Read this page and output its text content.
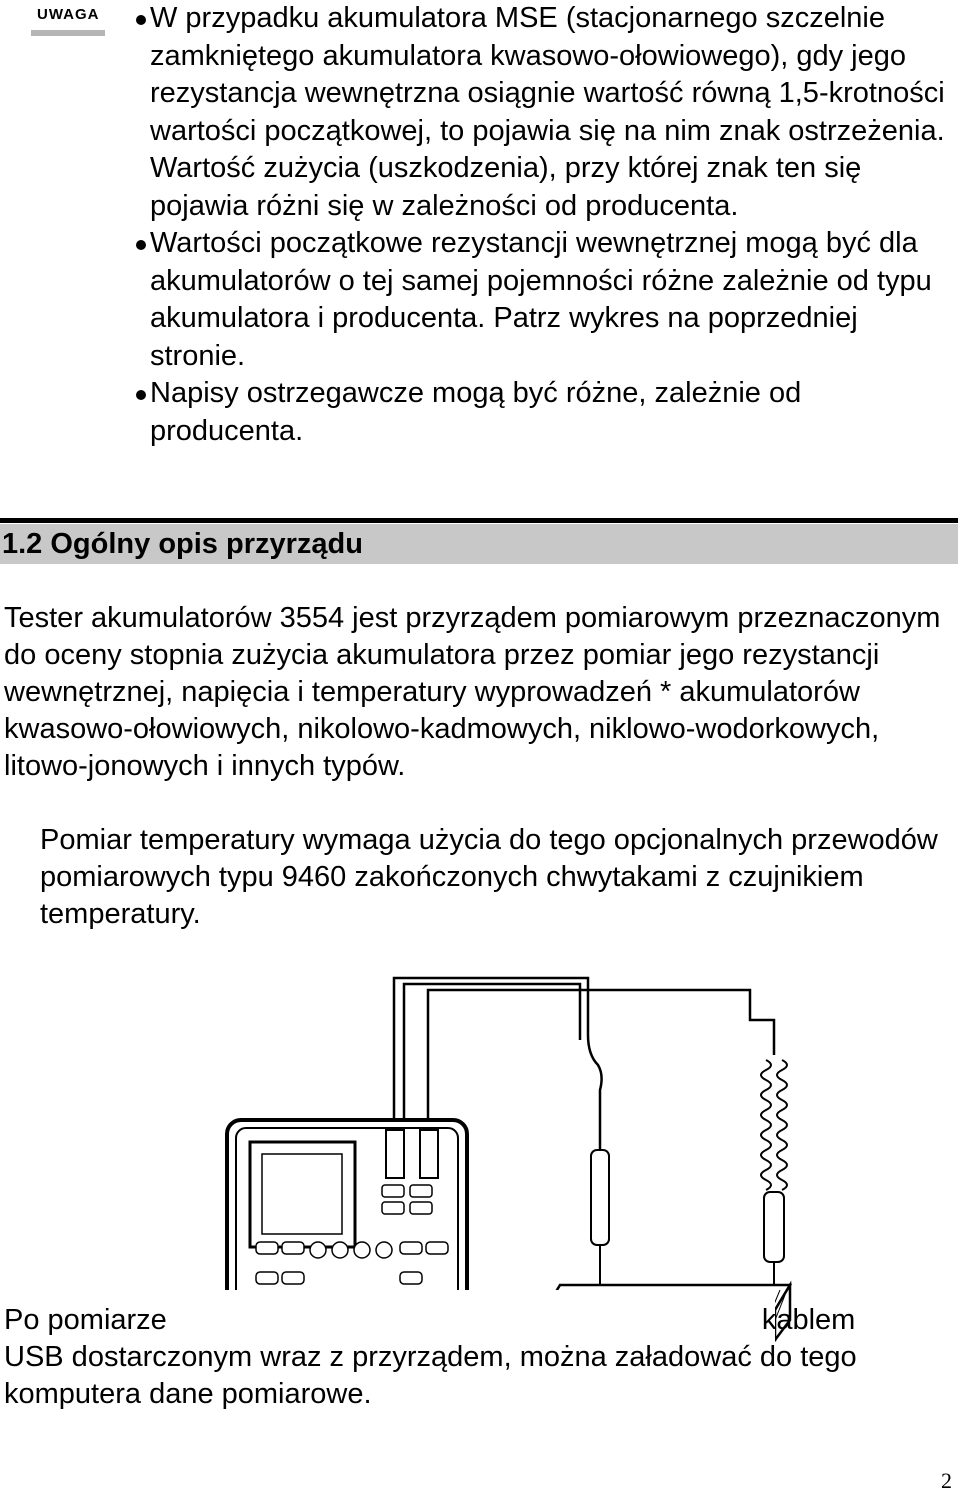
UWAGA W przypadku akumulatora MSE (stacjonarnego szczelnie zamkniętego akumulatora kwasowo-ołowiowego), gdy jego rezystancja wewnętrzna osiągnie wartość równą 1,5-krotności wartości początkowej, to pojawia się na nim znak ostrzeżenia. Wartość zużycia (uszkodzenia), przy której znak ten się pojawia różni się w zależności od producenta.

Wartości początkowe rezystancji wewnętrznej mogą być dla akumulatorów o tej samej pojemności różne zależnie od typu akumulatora i producenta. Patrz wykres na poprzedniej stronie.

Napisy ostrzegawcze mogą być różne, zależnie od producenta.

1.2 Ogólny opis przyrządu

Tester akumulatorów 3554 jest przyrządem pomiarowym przeznaczonym do oceny stopnia zużycia akumulatora przez pomiar jego rezystancji wewnętrznej, napięcia i temperatury wyprowadzeń * akumulatorów kwasowo-ołowiowych, nikolowo-kadmowych, niklowo-wodorkowych, litowo-jonowych i innych typów.

Pomiar temperatury wymaga użycia do tego opcjonalnych przewodów pomiarowych typu 9460 zakończonych chwytakami z czujnikiem temperatury.

Po pomiarze	kablem
USB dostarczonym wraz z przyrządem, można załadować do tego komputera dane pomiarowe.

2
